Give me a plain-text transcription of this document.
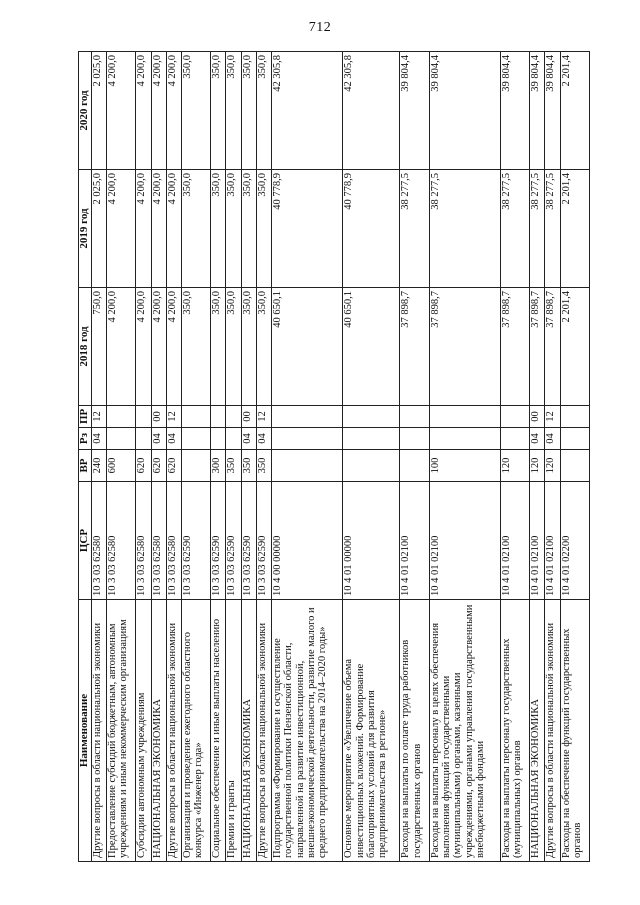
712
Наименование	ЦСР	ВР	Рз	ПР	2018 год	2019 год	2020 год
Другие вопросы в области национальной экономики	10 3 03 62580	240	04	12	750,0	2 025,0	2 025,0
Предоставление субсидий бюджетным, автономным учреждениям и иным некоммерческим организациям	10 3 03 62580	600			4 200,0	4 200,0	4 200,0
Субсидии автономным учреждениям	10 3 03 62580	620			4 200,0	4 200,0	4 200,0
НАЦИОНАЛЬНАЯ ЭКОНОМИКА	10 3 03 62580	620	04	00	4 200,0	4 200,0	4 200,0
Другие вопросы в области национальной экономики	10 3 03 62580	620	04	12	4 200,0	4 200,0	4 200,0
Организация и проведение ежегодного областного конкурса «Инженер года»	10 3 03 62590				350,0	350,0	350,0
Социальное обеспечение и иные выплаты населению	10 3 03 62590	300			350,0	350,0	350,0
Премии и гранты	10 3 03 62590	350			350,0	350,0	350,0
НАЦИОНАЛЬНАЯ ЭКОНОМИКА	10 3 03 62590	350	04	00	350,0	350,0	350,0
Другие вопросы в области национальной экономики	10 3 03 62590	350	04	12	350,0	350,0	350,0
Подпрограмма «Формирование и осуществление государственной политики Пензенской области, направленной на развитие инвестиционной, внешнеэкономической деятельности, развитие малого и среднего предпринимательства на 2014–2020 годы»	10 4 00 00000				40 650,1	40 778,9	42 305,8
Основное мероприятие «Увеличение объема инвестиционных вложений. Формирование благоприятных условий для развития предпринимательства в регионе»	10 4 01 00000				40 650,1	40 778,9	42 305,8
Расходы на выплаты по оплате труда работников государственных органов	10 4 01 02100				37 898,7	38 277,5	39 804,4
Расходы на выплаты персоналу в целях обеспечения выполнения функций государственными (муниципальными) органами, казенными учреждениями, органами управления государственными внебюджетными фондами	10 4 01 02100	100			37 898,7	38 277,5	39 804,4
Расходы на выплаты персоналу государственных (муниципальных) органов	10 4 01 02100	120			37 898,7	38 277,5	39 804,4
НАЦИОНАЛЬНАЯ ЭКОНОМИКА	10 4 01 02100	120	04	00	37 898,7	38 277,5	39 804,4
Другие вопросы в области национальной экономики	10 4 01 02100	120	04	12	37 898,7	38 277,5	39 804,4
Расходы на обеспечение функций государственных органов	10 4 01 02200				2 201,4	2 201,4	2 201,4
